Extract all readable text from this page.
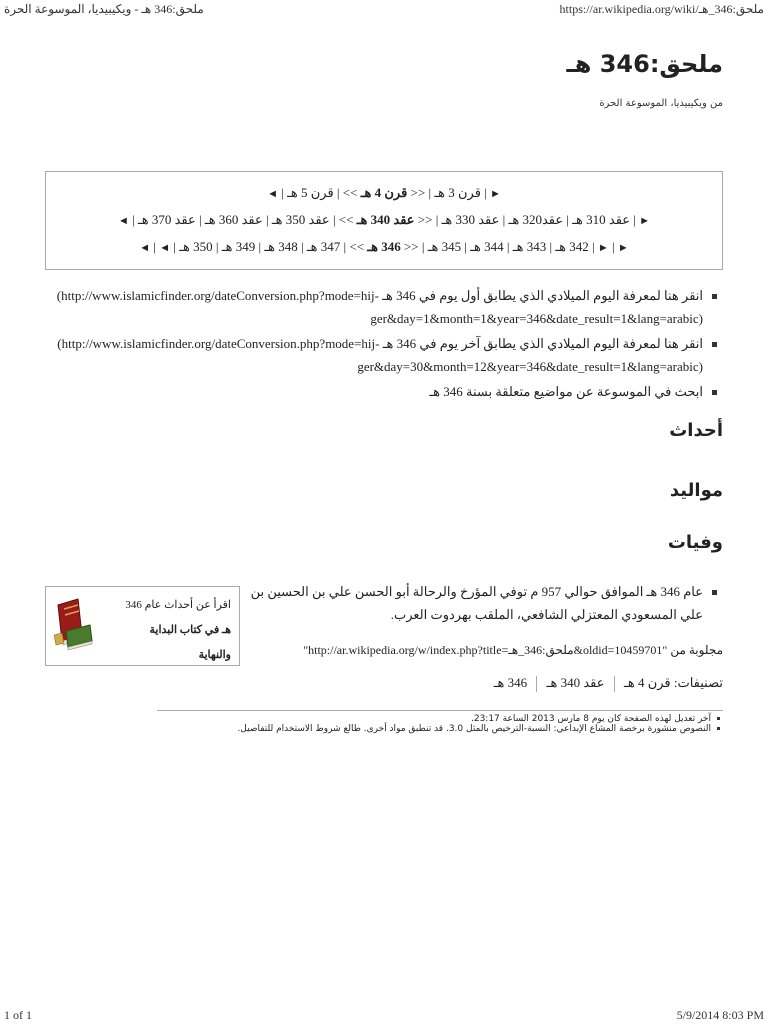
ملحق:346 هـ - ويكيبيديا، الموسوعة الحرة	https://ar.wikipedia.org/wiki/ملحق:346_هـ
ملحق:346 هـ
من ويكيبيديا، الموسوعة الحرة
► | قرن 3 هـ | << قرن 4 هـ >> | قرن 5 هـ | ◄
► | عقد 310 هـ | عقد320 هـ | عقد 330 هـ | << عقد 340 هـ >> | عقد 350 هـ | عقد 360 هـ | عقد 370 هـ | ◄
► | ► | 342 هـ | 343 هـ | 344 هـ | 345 هـ | << 346 هـ >> | 347 هـ | 348 هـ | 349 هـ | 350 هـ | ◄ | ◄
انقر هنا لمعرفة اليوم الميلادي الذي يطابق أول يوم في 346 هـ (http://www.islamicfinder.org/dateConversion.php?mode=hij-ger&day=1&month=1&year=346&date_result=1&lang=arabic)
انقر هنا لمعرفة اليوم الميلادي الذي يطابق آخر يوم في 346 هـ (http://www.islamicfinder.org/dateConversion.php?mode=hij-ger&day=30&month=12&year=346&date_result=1&lang=arabic)
ابحث في الموسوعة عن مواضيع متعلقة بسنة 346 هـ
أحداث
مواليد
وفيات
اقرأ عن أحداث عام 346
هـ في كتاب البداية
والنهاية
عام 346 هـ الموافق حوالي 957 م توفي المؤرخ والرحالة أبو الحسن علي بن الحسين بن علي المسعودي المعتزلي الشافعي، الملقب بهردوت العرب.
مجلوبة من "http://ar.wikipedia.org/w/index.php?title=ملحق:346_هـ&oldid=10459701"
تصنيفات: قرن 4 هـ  عقد 340 هـ  346 هـ
آخر تعديل لهذه الصفحة كان يوم 8 مارس 2013 الساعة 23:17.
النصوص منشورة برخصة المشاع الإبداعي: النسبة-الترخيص بالمثل 3.0. قد تنطبق مواد أخرى. طالع شروط الاستخدام للتفاصيل.
1 of 1	5/9/2014 8:03 PM
